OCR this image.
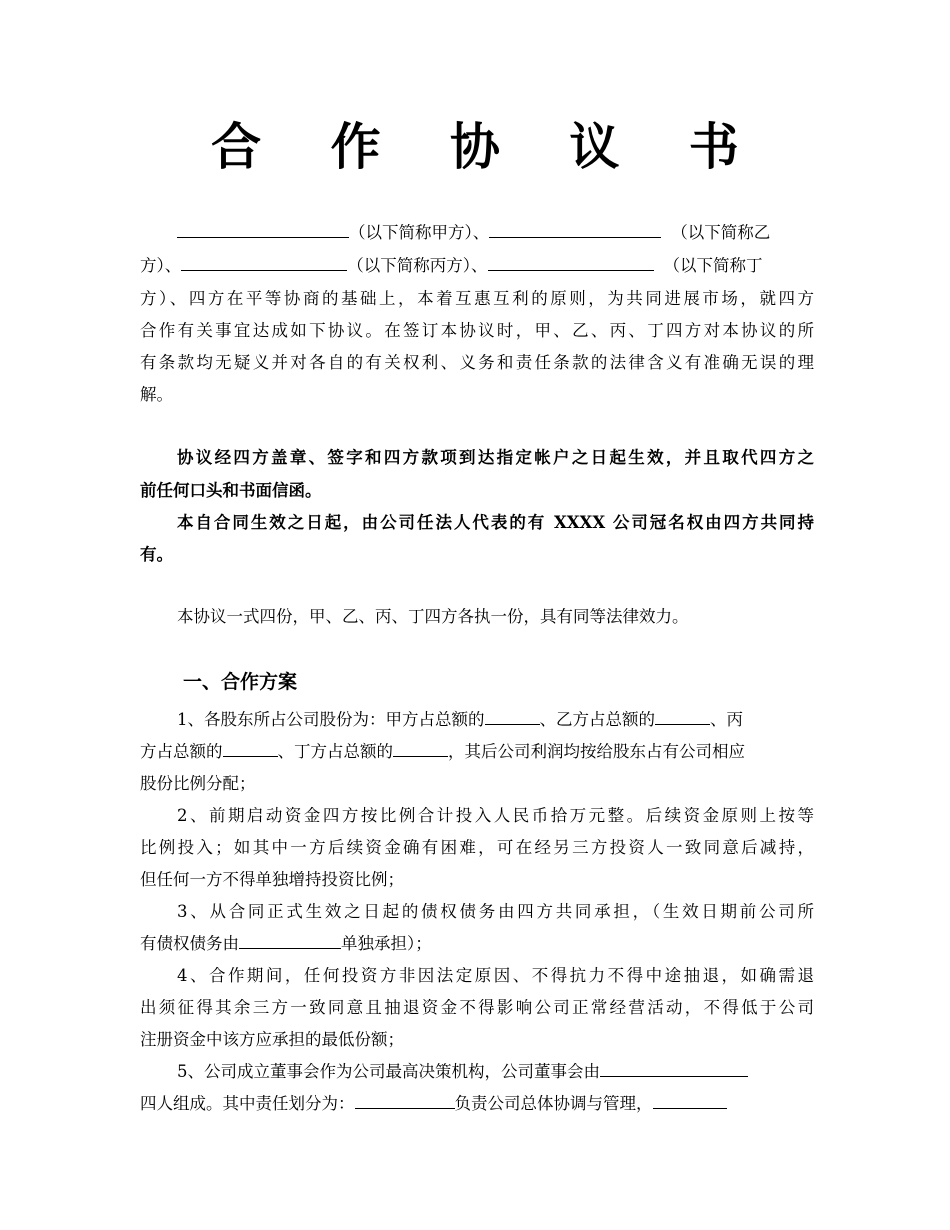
合 作 协 议 书
（以下简称甲方）、	（以下简称乙
方）、	（以下简称丙方）、	（以下简称丁
方）、四方在平等协商的基础上，本着互惠互利的原则，为共同进展市场，就四方
合作有关事宜达成如下协议。在签订本协议时，甲、乙、丙、丁四方对本协议的所
有条款均无疑义并对各自的有关权利、义务和责任条款的法律含义有准确无误的理
解。
协议经四方盖章、签字和四方款项到达指定帐户之日起生效，并且取代四方之
前任何口头和书面信函。
本自合同生效之日起，由公司任法人代表的有 XXXX 公司冠名权由四方共同持
有。
本协议一式四份，甲、乙、丙、丁四方各执一份，具有同等法律效力。
一、合作方案
1、各股东所占公司股份为：甲方占总额的	、乙方占总额的	、丙
方占总额的	、丁方占总额的	，其后公司利润均按给股东占有公司相应
股份比例分配；
2、前期启动资金四方按比例合计投入人民币拾万元整。后续资金原则上按等
比例投入；如其中一方后续资金确有困难，可在经另三方投资人一致同意后减持，
但任何一方不得单独增持投资比例；
3、从合同正式生效之日起的债权债务由四方共同承担，（生效日期前公司所
有债权债务由	单独承担）；
4、合作期间，任何投资方非因法定原因、不得抗力不得中途抽退，如确需退
出须征得其余三方一致同意且抽退资金不得影响公司正常经营活动，不得低于公司
注册资金中该方应承担的最低份额；
5、公司成立董事会作为公司最高决策机构，公司董事会由
四人组成。其中责任划分为：	负责公司总体协调与管理，
